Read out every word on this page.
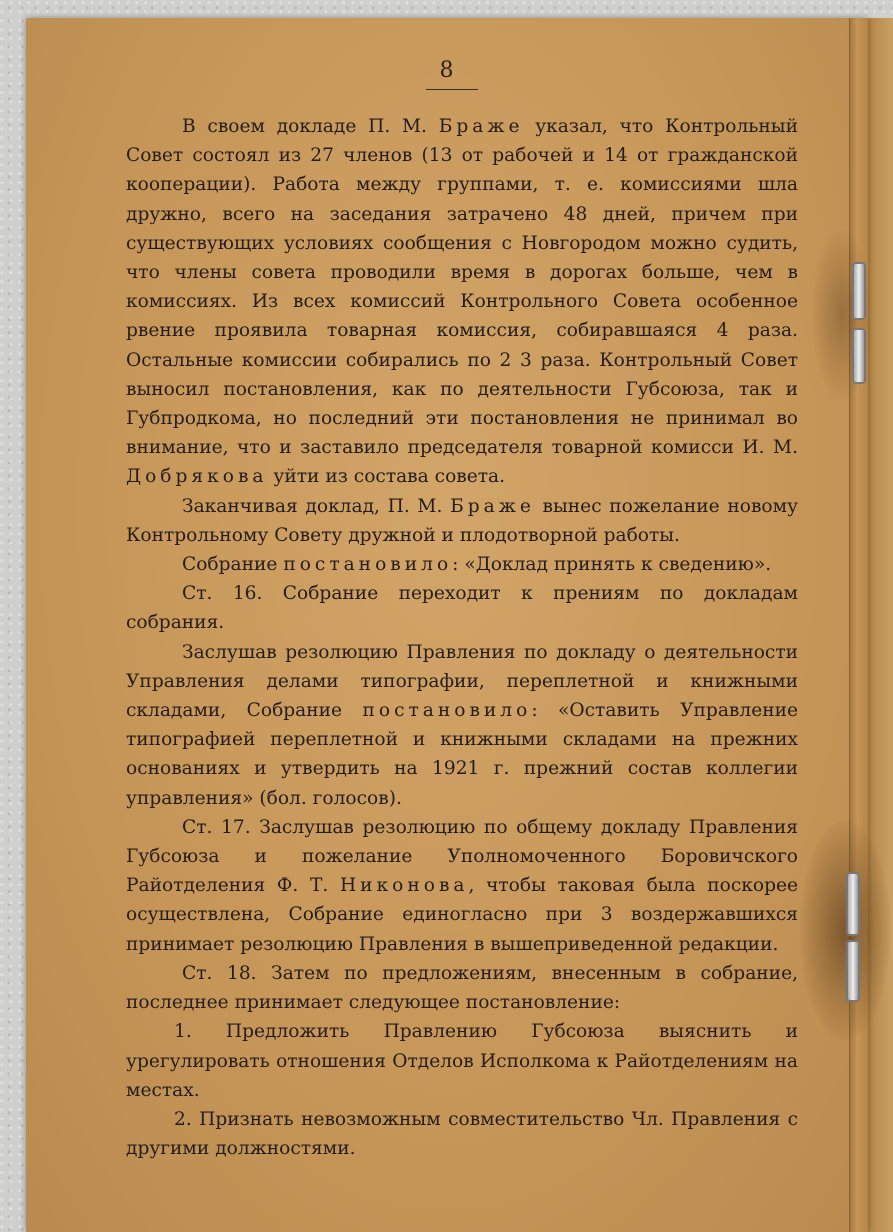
8

В своем докладе П. М. Браже указал, что Контрольный Совет состоял из 27 членов (13 от рабочей и 14 от гражданской кооперации). Работа между группами, т. е. комиссиями шла дружно, всего на заседания затрачено 48 дней, причем при существующих условиях сообщения с Новгородом можно судить, что члены совета проводили время в дорогах больше, чем в комиссиях. Из всех комиссий Контрольного Совета особенное рвение проявила товарная комиссия, собиравшаяся 4 раза. Остальные комиссии собирались по 2 3 раза. Контрольный Совет выносил постановления, как по деятельности Губсоюза, так и Губпродкома, но последний эти постановления не принимал во внимание, что и заставило председателя товарной комисси И. М. Добрякова уйти из состава совета.

Заканчивая доклад, П. М. Браже вынес пожелание новому Контрольному Совету дружной и плодотворной работы.

Собрание постановило: «Доклад принять к сведению».

Ст. 16. Собрание переходит к прениям по докладам собрания.

Заслушав резолюцию Правления по докладу о деятельности Управления делами типографии, переплетной и книжными складами, Собрание постановило: «Оставить Управление типографией переплетной и книжными складами на прежних основаниях и утвердить на 1921 г. прежний состав коллегии управления» (бол. голосов).

Ст. 17. Заслушав резолюцию по общему докладу Правления Губсоюза и пожелание Уполномоченного Боровичского Райотделения Ф. Т. Никонова, чтобы таковая была поскорее осуществлена, Собрание единогласно при 3 воздержавшихся принимает резолюцию Правления в вышеприведенной редакции.

Ст. 18. Затем по предложениям, внесенным в собрание, последнее принимает следующее постановление:

1. Предложить Правлению Губсоюза выяснить и урегулировать отношения Отделов Исполкома к Райотделениям на местах.

2. Признать невозможным совместительство Чл. Правления с другими должностями.
